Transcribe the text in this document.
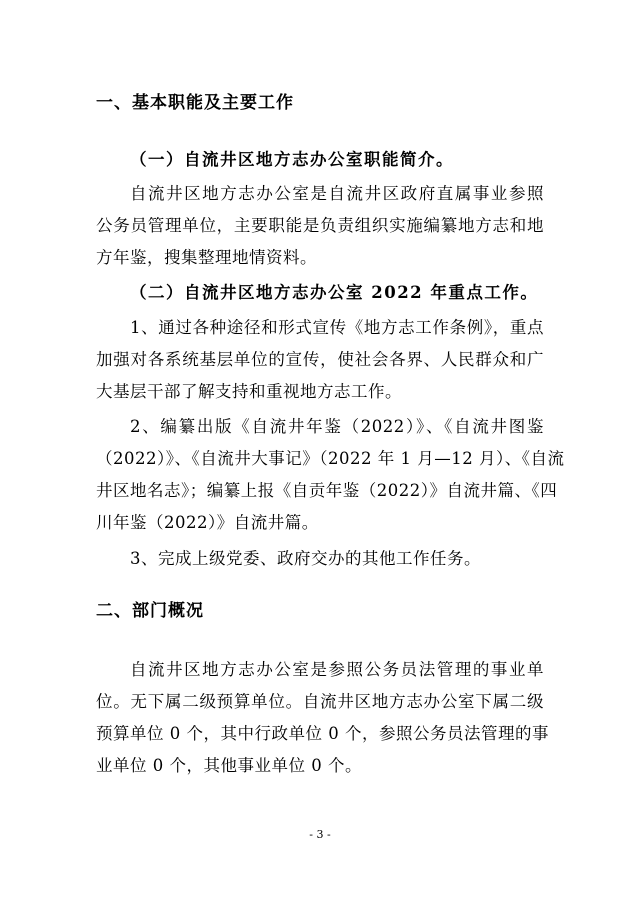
一、基本职能及主要工作
（一）自流井区地方志办公室职能简介。
自流井区地方志办公室是自流井区政府直属事业参照
公务员管理单位，主要职能是负责组织实施编纂地方志和地
方年鉴，搜集整理地情资料。
（二）自流井区地方志办公室 2022 年重点工作。
1、通过各种途径和形式宣传《地方志工作条例》，重点
加强对各系统基层单位的宣传，使社会各界、人民群众和广
大基层干部了解支持和重视地方志工作。
2、编纂出版《自流井年鉴（2022）》、《自流井图鉴
（2022）》、《自流井大事记》（2022 年 1 月—12 月）、《自流
井区地名志》；编纂上报《自贡年鉴（2022）》自流井篇、《四
川年鉴（2022）》自流井篇。
3、完成上级党委、政府交办的其他工作任务。
二、部门概况
自流井区地方志办公室是参照公务员法管理的事业单
位。无下属二级预算单位。自流井区地方志办公室下属二级
预算单位 0 个，其中行政单位 0 个，参照公务员法管理的事
业单位 0 个，其他事业单位 0 个。
- 3 -
